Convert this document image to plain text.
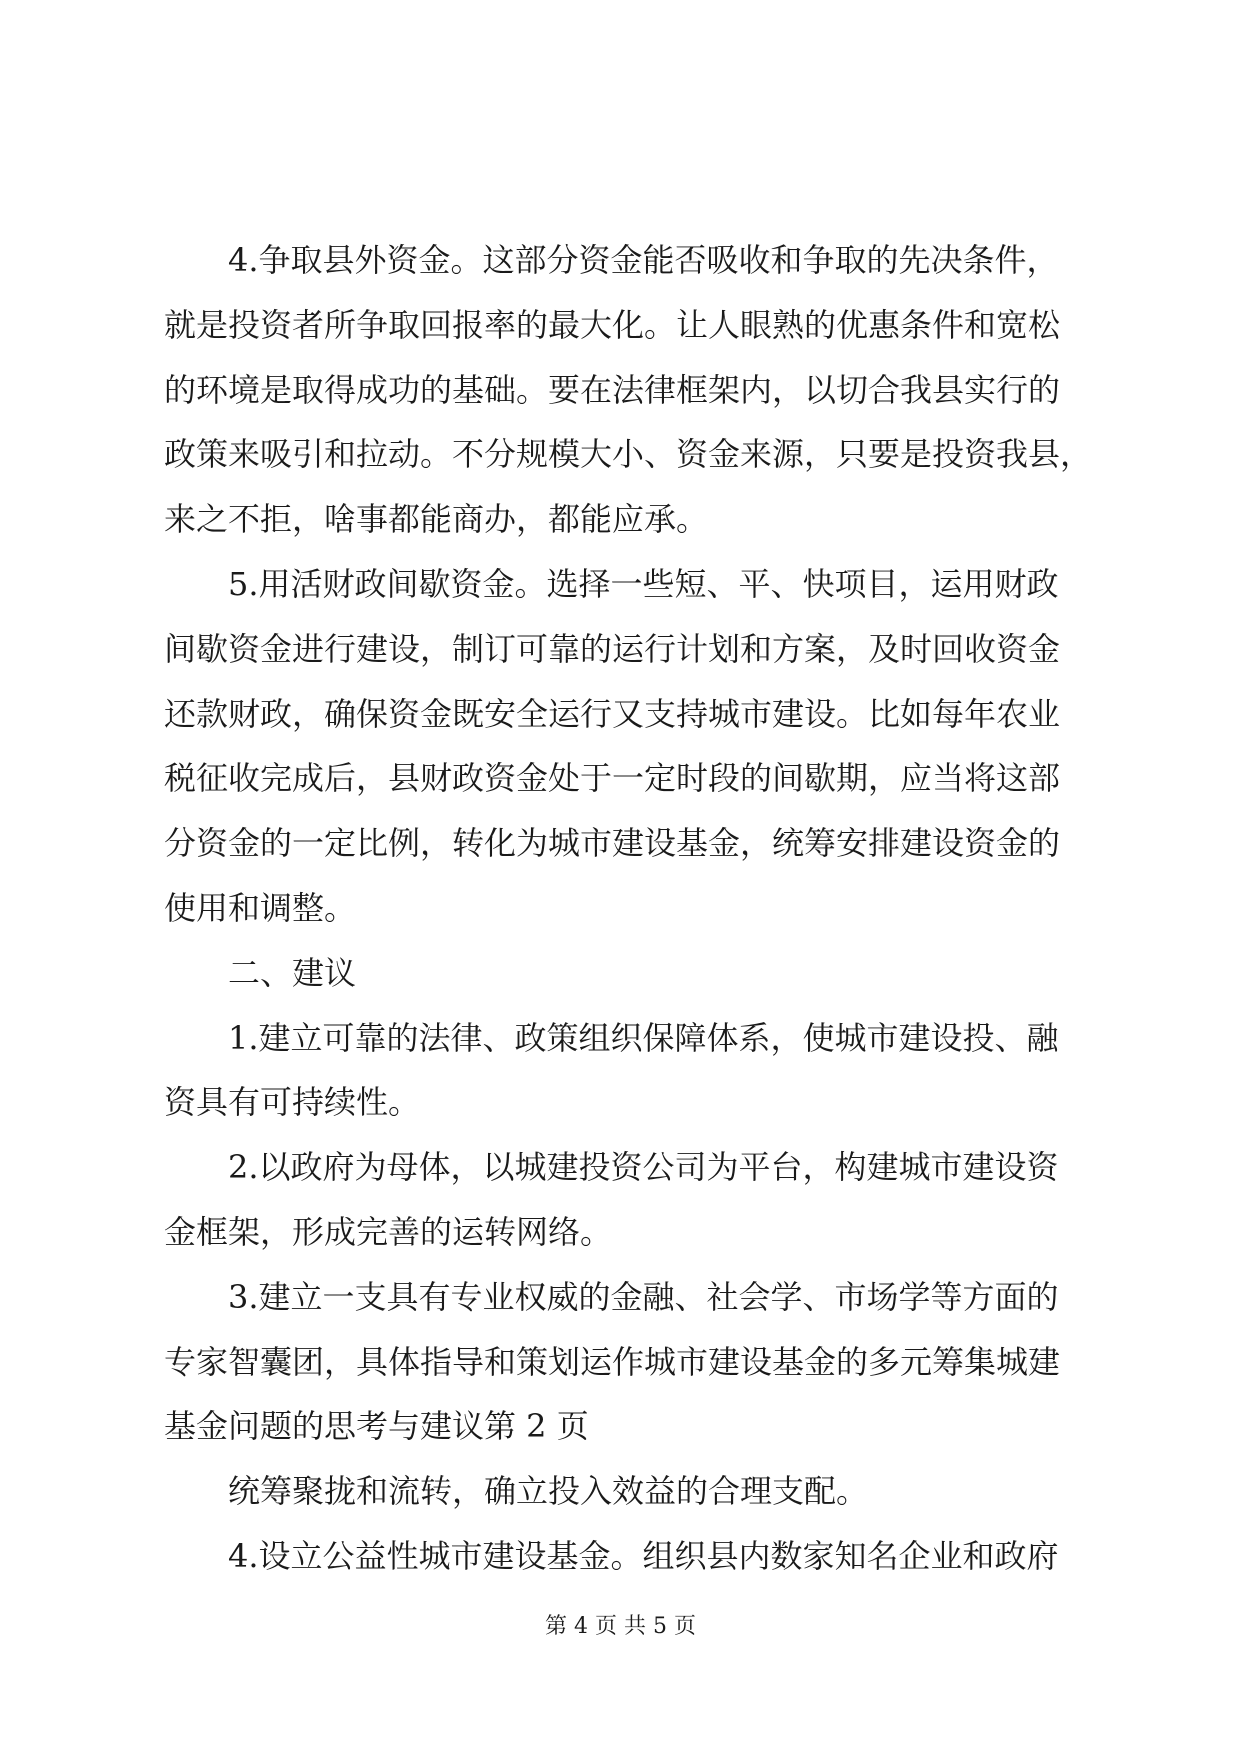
4.争取县外资金。这部分资金能否吸收和争取的先决条件，
就是投资者所争取回报率的最大化。让人眼熟的优惠条件和宽松
的环境是取得成功的基础。要在法律框架内，以切合我县实行的
政策来吸引和拉动。不分规模大小、资金来源，只要是投资我县，
来之不拒，啥事都能商办，都能应承。
5.用活财政间歇资金。选择一些短、平、快项目，运用财政
间歇资金进行建设，制订可靠的运行计划和方案，及时回收资金
还款财政，确保资金既安全运行又支持城市建设。比如每年农业
税征收完成后，县财政资金处于一定时段的间歇期，应当将这部
分资金的一定比例，转化为城市建设基金，统筹安排建设资金的
使用和调整。
二、建议
1.建立可靠的法律、政策组织保障体系，使城市建设投、融
资具有可持续性。
2.以政府为母体，以城建投资公司为平台，构建城市建设资
金框架，形成完善的运转网络。
3.建立一支具有专业权威的金融、社会学、市场学等方面的
专家智囊团，具体指导和策划运作城市建设基金的多元筹集城建
基金问题的思考与建议第 2 页
统筹聚拢和流转，确立投入效益的合理支配。
4.设立公益性城市建设基金。组织县内数家知名企业和政府
第 4 页 共 5 页
